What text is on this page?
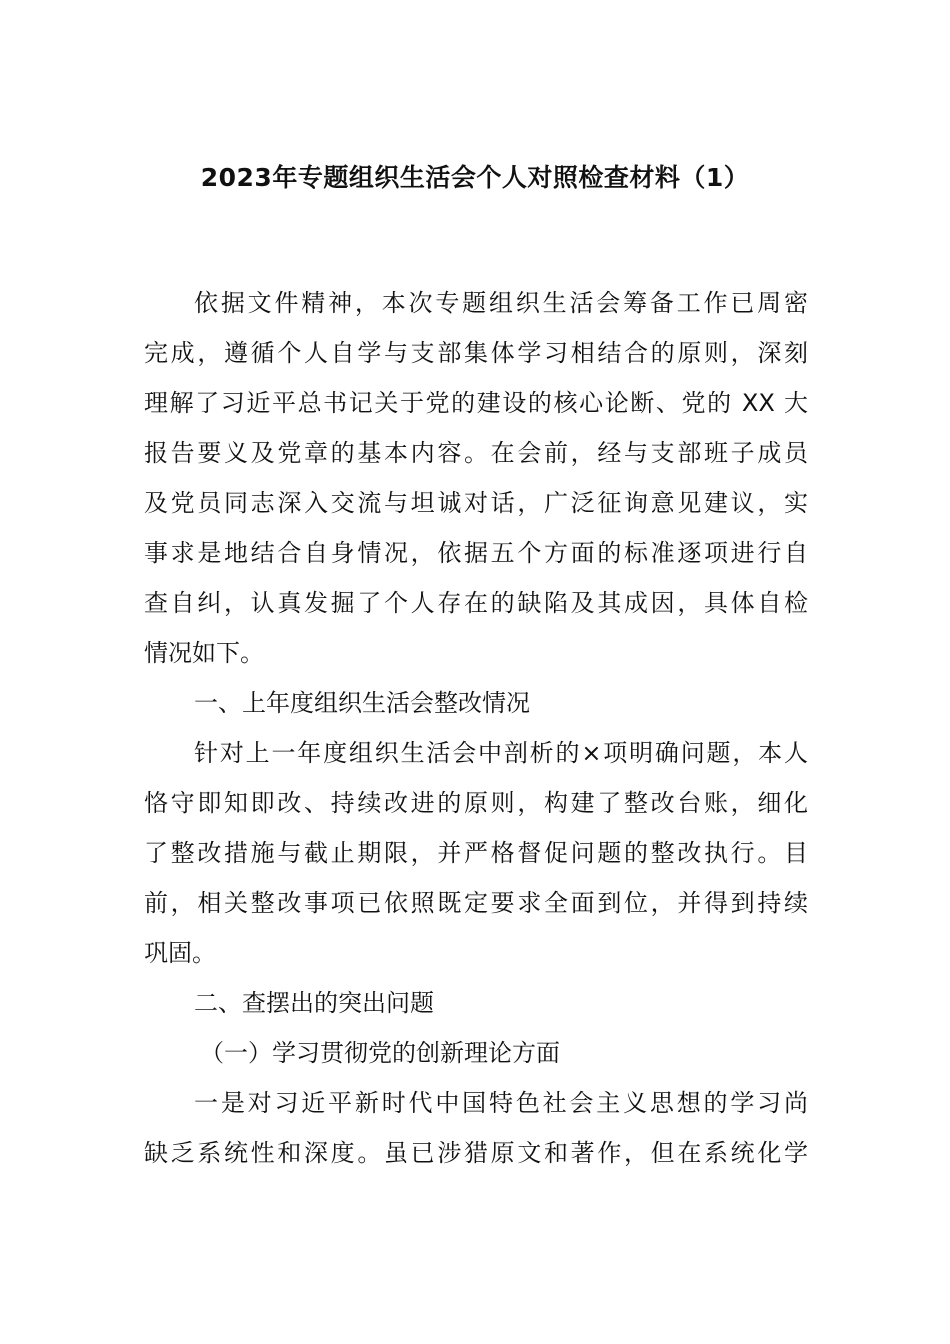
2023年专题组织生活会个人对照检查材料（1）
依据文件精神，本次专题组织生活会筹备工作已周密
完成，遵循个人自学与支部集体学习相结合的原则，深刻
理解了习近平总书记关于党的建设的核心论断、党的 XX 大
报告要义及党章的基本内容。在会前，经与支部班子成员
及党员同志深入交流与坦诚对话，广泛征询意见建议，实
事求是地结合自身情况，依据五个方面的标准逐项进行自
查自纠，认真发掘了个人存在的缺陷及其成因，具体自检
情况如下。
一、上年度组织生活会整改情况
针对上一年度组织生活会中剖析的×项明确问题，本人
恪守即知即改、持续改进的原则，构建了整改台账，细化
了整改措施与截止期限，并严格督促问题的整改执行。目
前，相关整改事项已依照既定要求全面到位，并得到持续
巩固。
二、查摆出的突出问题
（一）学习贯彻党的创新理论方面
一是对习近平新时代中国特色社会主义思想的学习尚
缺乏系统性和深度。虽已涉猎原文和著作，但在系统化学
